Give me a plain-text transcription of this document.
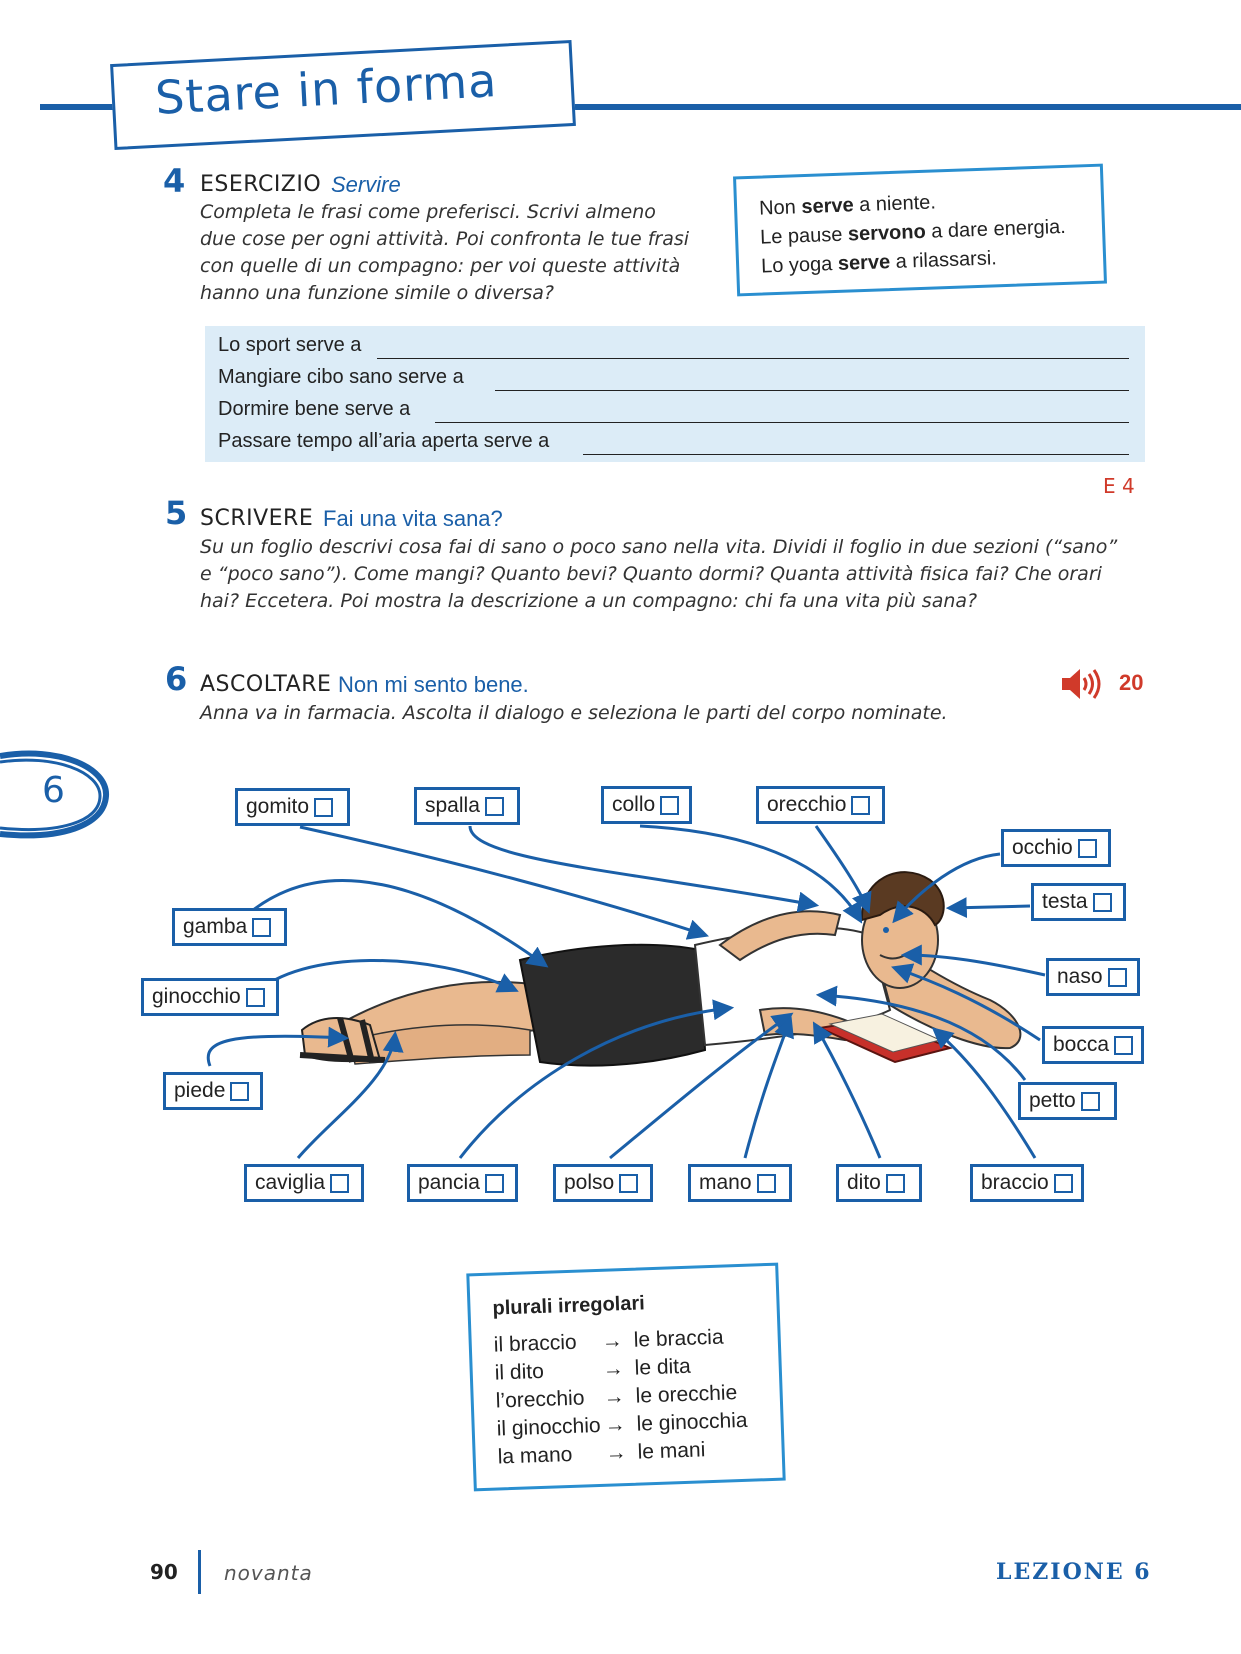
Stare in forma
4 ESERCIZIO Servire
Completa le frasi come preferisci. Scrivi almeno
due cose per ogni attività. Poi confronta le tue frasi
con quelle di un compagno: per voi queste attività
hanno una funzione simile o diversa?
Non serve a niente.
Le pause servono a dare energia.
Lo yoga serve a rilassarsi.
Lo sport serve a
Mangiare cibo sano serve a
Dormire bene serve a
Passare tempo all’aria aperta serve a
E 4
5 SCRIVERE Fai una vita sana?
Su un foglio descrivi cosa fai di sano o poco sano nella vita. Dividi il foglio in due sezioni (“sano”
e “poco sano”). Come mangi? Quanto bevi? Quanto dormi? Quanta attività fisica fai? Che orari
hai? Eccetera. Poi mostra la descrizione a un compagno: chi fa una vita più sana?
6 ASCOLTARE Non mi sento bene.
Anna va in farmacia. Ascolta il dialogo e seleziona le parti del corpo nominate.
20
6	gomito	spalla	collo	orecchio
occhio
testa
gamba
ginocchio
naso
piede
bocca
petto
caviglia	pancia	polso	mano	dito	braccio
plurali irregolari
il braccio → le braccia
il dito	→ le dita
l’orecchio → le orecchie
il ginocchio → le ginocchia
la mano → le mani
90 novanta	LEZIONE 6
